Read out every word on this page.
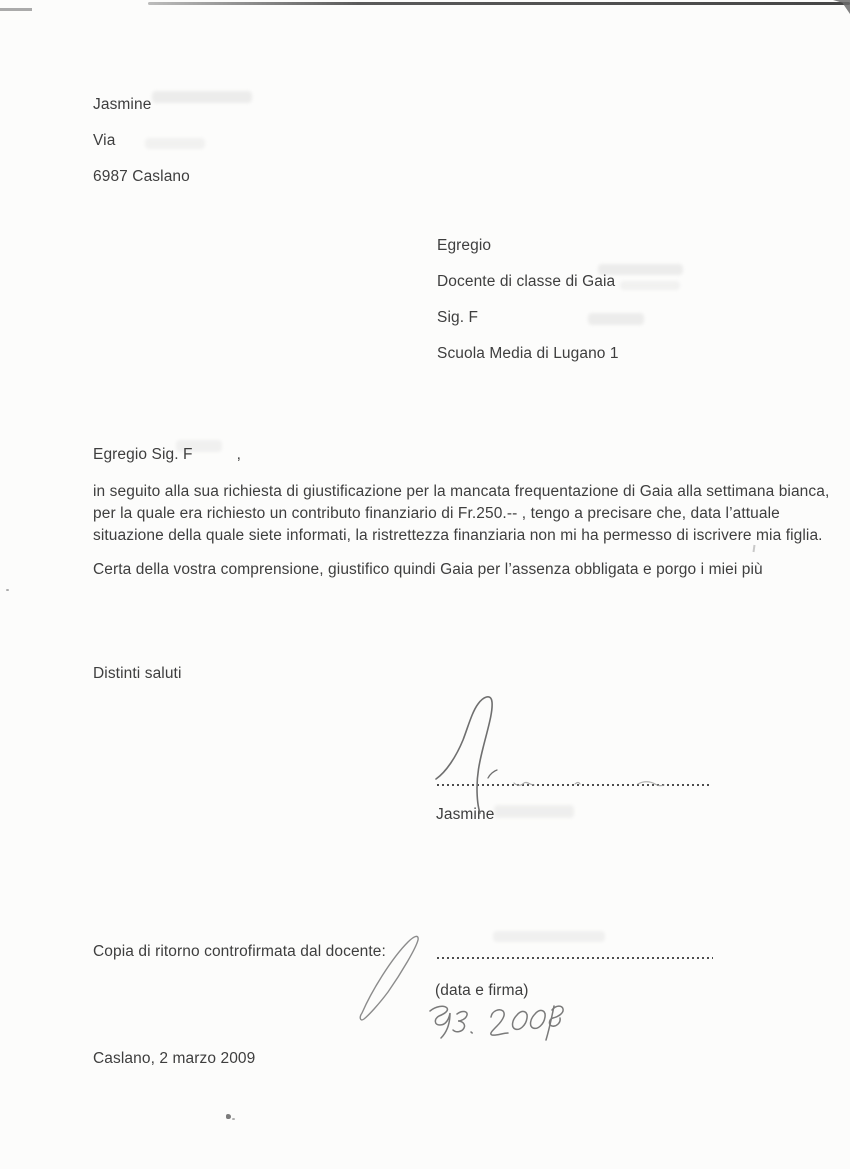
Jasmine
Via
6987 Caslano
Egregio
Docente di classe di Gaia
Sig. F
Scuola Media di Lugano 1
Egregio Sig. F	,
in seguito alla sua richiesta di giustificazione per la mancata frequentazione di Gaia alla settimana bianca,
per la quale era richiesto un contributo finanziario di Fr.250.-- , tengo a precisare che, data l’attuale
situazione della quale siete informati, la ristrettezza finanziaria non mi ha permesso di iscrivere mia figlia.
Certa della vostra comprensione, giustifico quindi Gaia per l’assenza obbligata e porgo i miei più
Distinti saluti
Jasmine
Copia di ritorno controfirmata dal docente:
(data e firma)
Caslano, 2 marzo 2009
